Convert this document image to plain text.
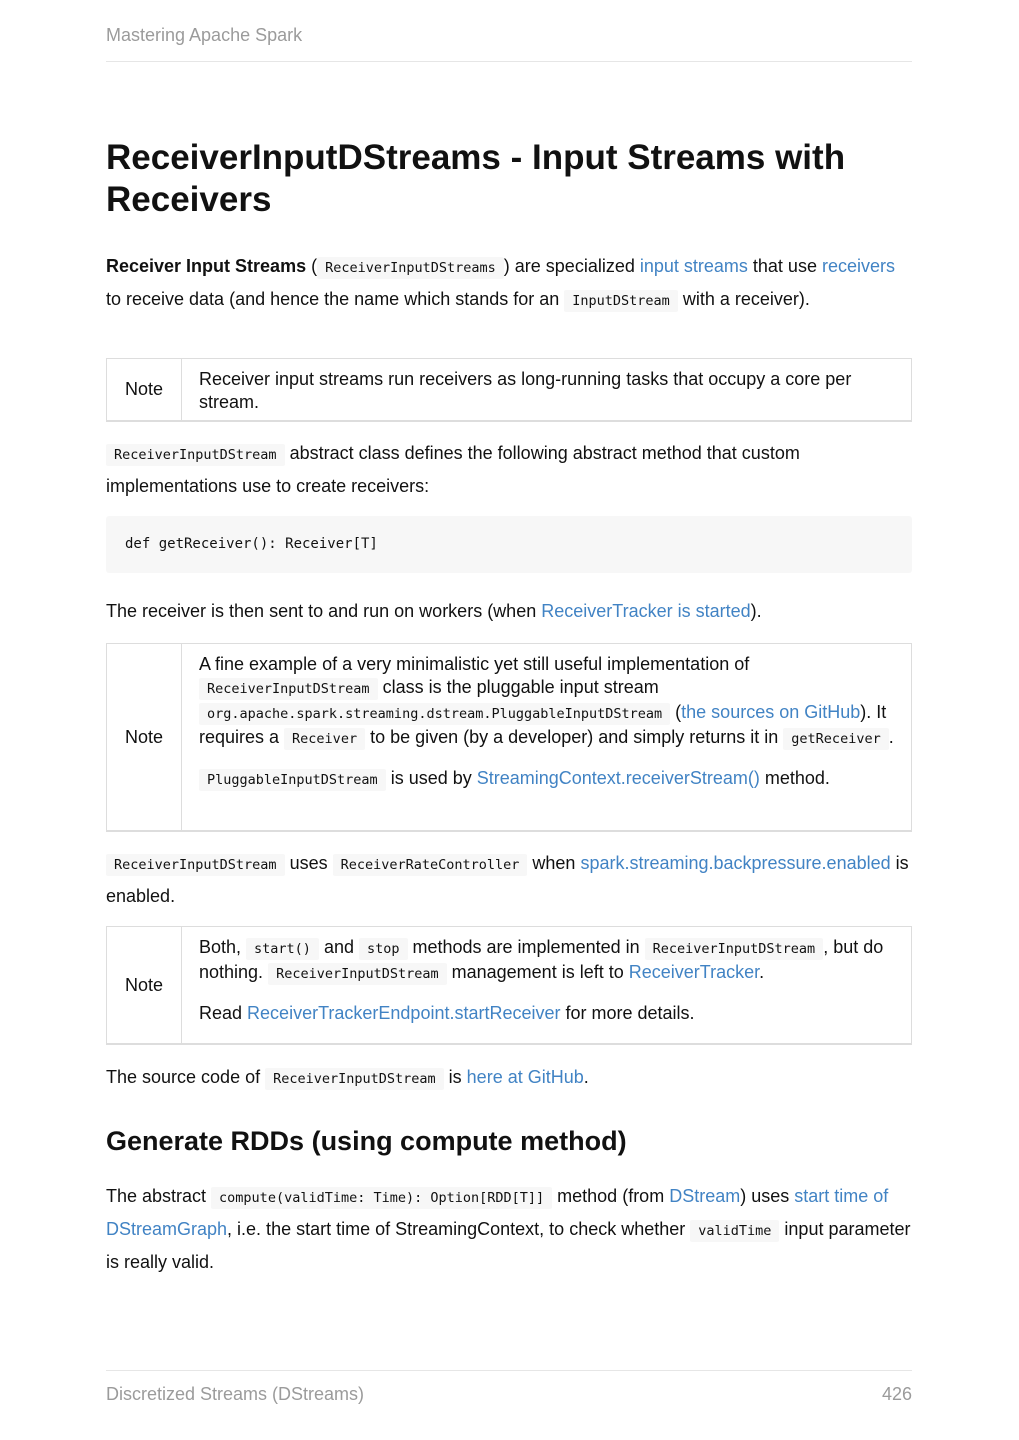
Mastering Apache Spark
ReceiverInputDStreams - Input Streams with Receivers

Receiver Input Streams ( ReceiverInputDStreams ) are specialized input streams that use receivers to receive data (and hence the name which stands for an InputDStream with a receiver).

Note	Receiver input streams run receivers as long-running tasks that occupy a core per stream.

ReceiverInputDStream abstract class defines the following abstract method that custom implementations use to create receivers:

def getReceiver(): Receiver[T]

The receiver is then sent to and run on workers (when ReceiverTracker is started).

Note

A fine example of a very minimalistic yet still useful implementation of ReceiverInputDStream class is the pluggable input stream org.apache.spark.streaming.dstream.PluggableInputDStream (the sources on GitHub). It requires a Receiver to be given (by a developer) and simply returns it in getReceiver .

PluggableInputDStream is used by StreamingContext.receiverStream() method.

ReceiverInputDStream uses ReceiverRateController when spark.streaming.backpressure.enabled is enabled.

Note

Both, start() and stop methods are implemented in ReceiverInputDStream , but do nothing. ReceiverInputDStream management is left to ReceiverTracker.

Read ReceiverTrackerEndpoint.startReceiver for more details.

The source code of ReceiverInputDStream is here at GitHub.

Generate RDDs (using compute method)

The abstract compute(validTime: Time): Option[RDD[T]] method (from DStream) uses start time of DStreamGraph, i.e. the start time of StreamingContext, to check whether validTime input parameter is really valid.

Discretized Streams (DStreams)	426
